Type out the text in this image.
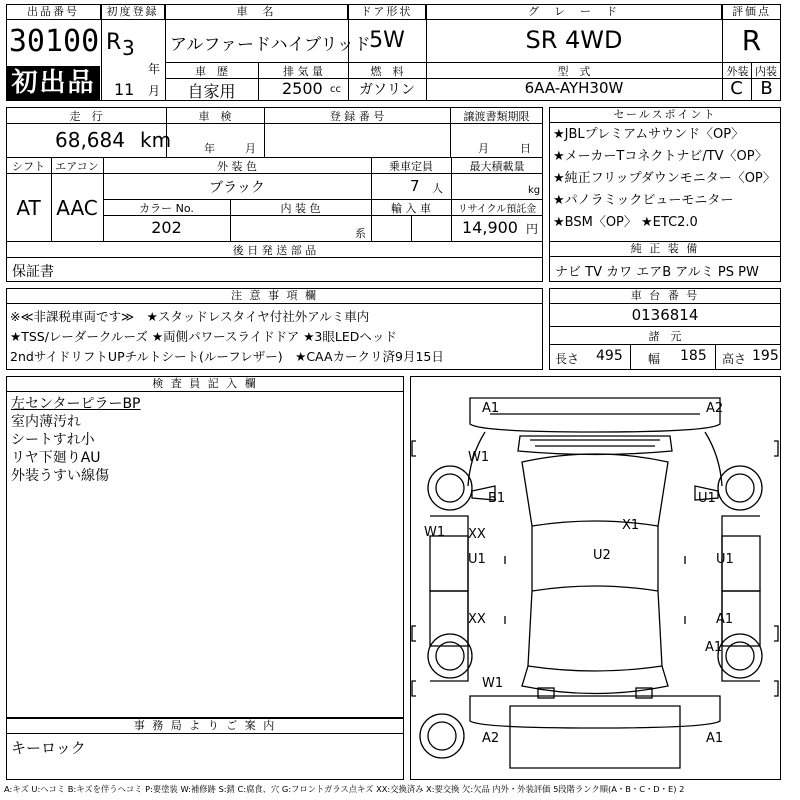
出品番号
30100
初出品
初度登録
R 3
年
11 月
車　名
アルファードハイブリッド
ドア形状
5W
グ　レ　ー　ド
SR 4WD
評価点
R
外装 内装
C B
車　歴
自家用
排 気 量
2500 cc
燃　料
ガソリン
型　式
6AA-AYH30W
走　行
68,684 km
車　検
年	月
登 録 番 号	譲渡書類期限
月	日
シフト エアコン
AT AAC
外 装 色
ブラック
乗車定員
7 人
最大積載量
kg
カラー No.
202
内 装 色
系
輸 入 車	リサイクル預託金
14,900 円
後 日 発 送 部 品
保証書
セールスポイント
★JBLプレミアムサウンド〈OP〉
★メーカーTコネクトナビ/TV〈OP〉
★純正フリップダウンモニター〈OP〉
★パノラミックビューモニター
★BSM〈OP〉 ★ETC2.0
純 正 装 備
ナビ TV カワ エアB アルミ PS PW
注 意 事 項 欄
※≪非課税車両です≫　★スタッドレスタイヤ付社外アルミ車内
★TSS/レーダークルーズ ★両側パワースライドドア ★3眼LEDヘッド
2ndサイドリフトUPチルトシート(ルーフレザー)　★CAAカークリ済9月15日
車 台 番 号
0136814
諸　元
長さ 495 幅 185 高さ 195
検 査 員 記 入 欄
左センターピラーBP
室内薄汚れ
シートすれ小
リヤ下廻りAU
外装うすい線傷
事 務 局 よ り ご 案 内
キーロック
A1	A2
W1
B1	U1
W1	X1
XX
U1	U2	U1
XX	A1
A1
W1
A2	A1
A:キズ U:ヘコミ B:キズを伴うヘコミ P:要塗装 W:補修跡 S:錆 C:腐食、穴 G:フロントガラス点キズ XX:交換済み X:要交換 欠:欠品 内外・外装評価 5段階ランク順(A・B・C・D・E) 2
